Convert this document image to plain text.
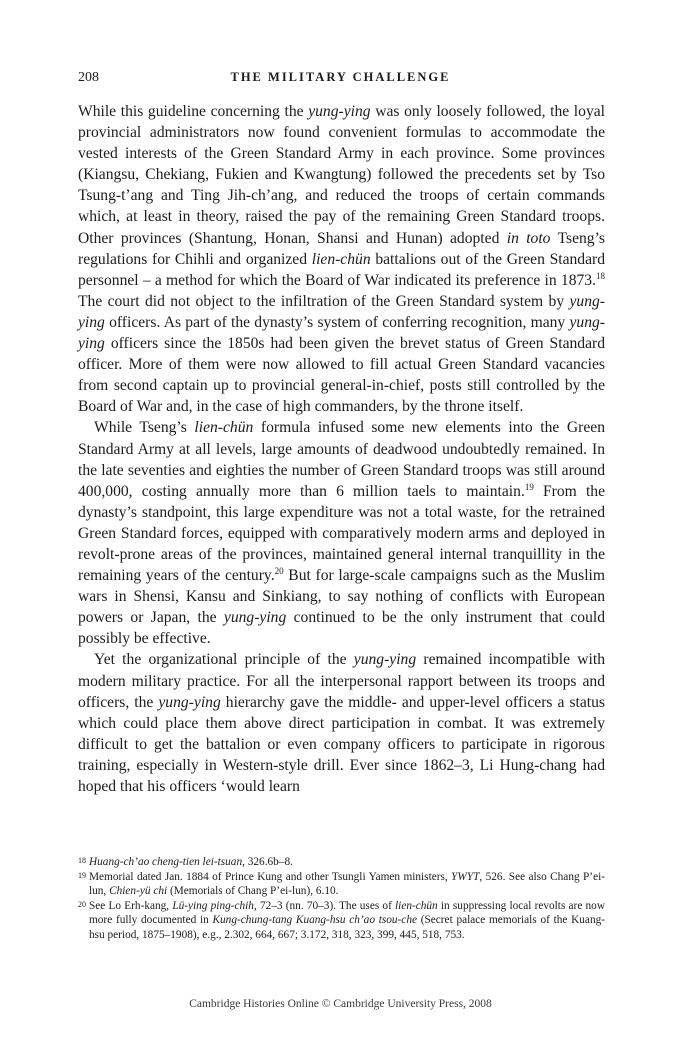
208	THE MILITARY CHALLENGE

While this guideline concerning the yung-ying was only loosely followed, the loyal provincial administrators now found convenient formulas to accommodate the vested interests of the Green Standard Army in each province. Some provinces (Kiangsu, Chekiang, Fukien and Kwangtung) followed the precedents set by Tso Tsung-t’ang and Ting Jih-ch’ang, and reduced the troops of certain commands which, at least in theory, raised the pay of the remaining Green Standard troops. Other provinces (Shantung, Honan, Shansi and Hunan) adopted in toto Tseng’s regulations for Chihli and organized lien-chün battalions out of the Green Standard personnel – a method for which the Board of War indicated its preference in 1873.18 The court did not object to the infiltration of the Green Standard system by yung-ying officers. As part of the dynasty’s system of conferring recognition, many yung-ying officers since the 1850s had been given the brevet status of Green Standard officer. More of them were now allowed to fill actual Green Standard vacancies from second captain up to provincial general-in-chief, posts still controlled by the Board of War and, in the case of high commanders, by the throne itself.

While Tseng’s lien-chün formula infused some new elements into the Green Standard Army at all levels, large amounts of deadwood undoubtedly remained. In the late seventies and eighties the number of Green Standard troops was still around 400,000, costing annually more than 6 million taels to maintain.$^{19}$ From the dynasty’s standpoint, this large expenditure was not a total waste, for the retrained Green Standard forces, equipped with comparatively modern arms and deployed in revolt-prone areas of the provinces, maintained general internal tranquillity in the remaining years of the century.$^{20}$ But for large-scale campaigns such as the Muslim wars in Shensi, Kansu and Sinkiang, to say nothing of conflicts with European powers or Japan, the yung-ying continued to be the only instrument that could possibly be effective.

Yet the organizational principle of the yung-ying remained incompatible with modern military practice. For all the interpersonal rapport between its troops and officers, the yung-ying hierarchy gave the middle- and upper-level officers a status which could place them above direct participation in combat. It was extremely difficult to get the battalion or even company officers to participate in rigorous training, especially in Western-style drill. Ever since 1862–3, Li Hung-chang had hoped that his officers ‘would learn

18 Huang-ch’ao cheng-tien lei-tsuan, 326.6b–8.

19 Memorial dated Jan. 1884 of Prince Kung and other Tsungli Yamen ministers, YWYT, 526. See also Chang P’ei-lun, Chien-yü chi (Memorials of Chang P’ei-lun), 6.10.

20 See Lo Erh-kang, Lü-ying ping-chih, 72–3 (nn. 70–3). The uses of lien-chün in suppressing local revolts are now more fully documented in Kung-chung-tang Kuang-hsu ch’ao tsou-che (Secret palace memorials of the Kuang-hsu period, 1875–1908), e.g., 2.302, 664, 667; 3.172, 318, 323, 399, 445, 518, 753.

Cambridge Histories Online © Cambridge University Press, 2008
